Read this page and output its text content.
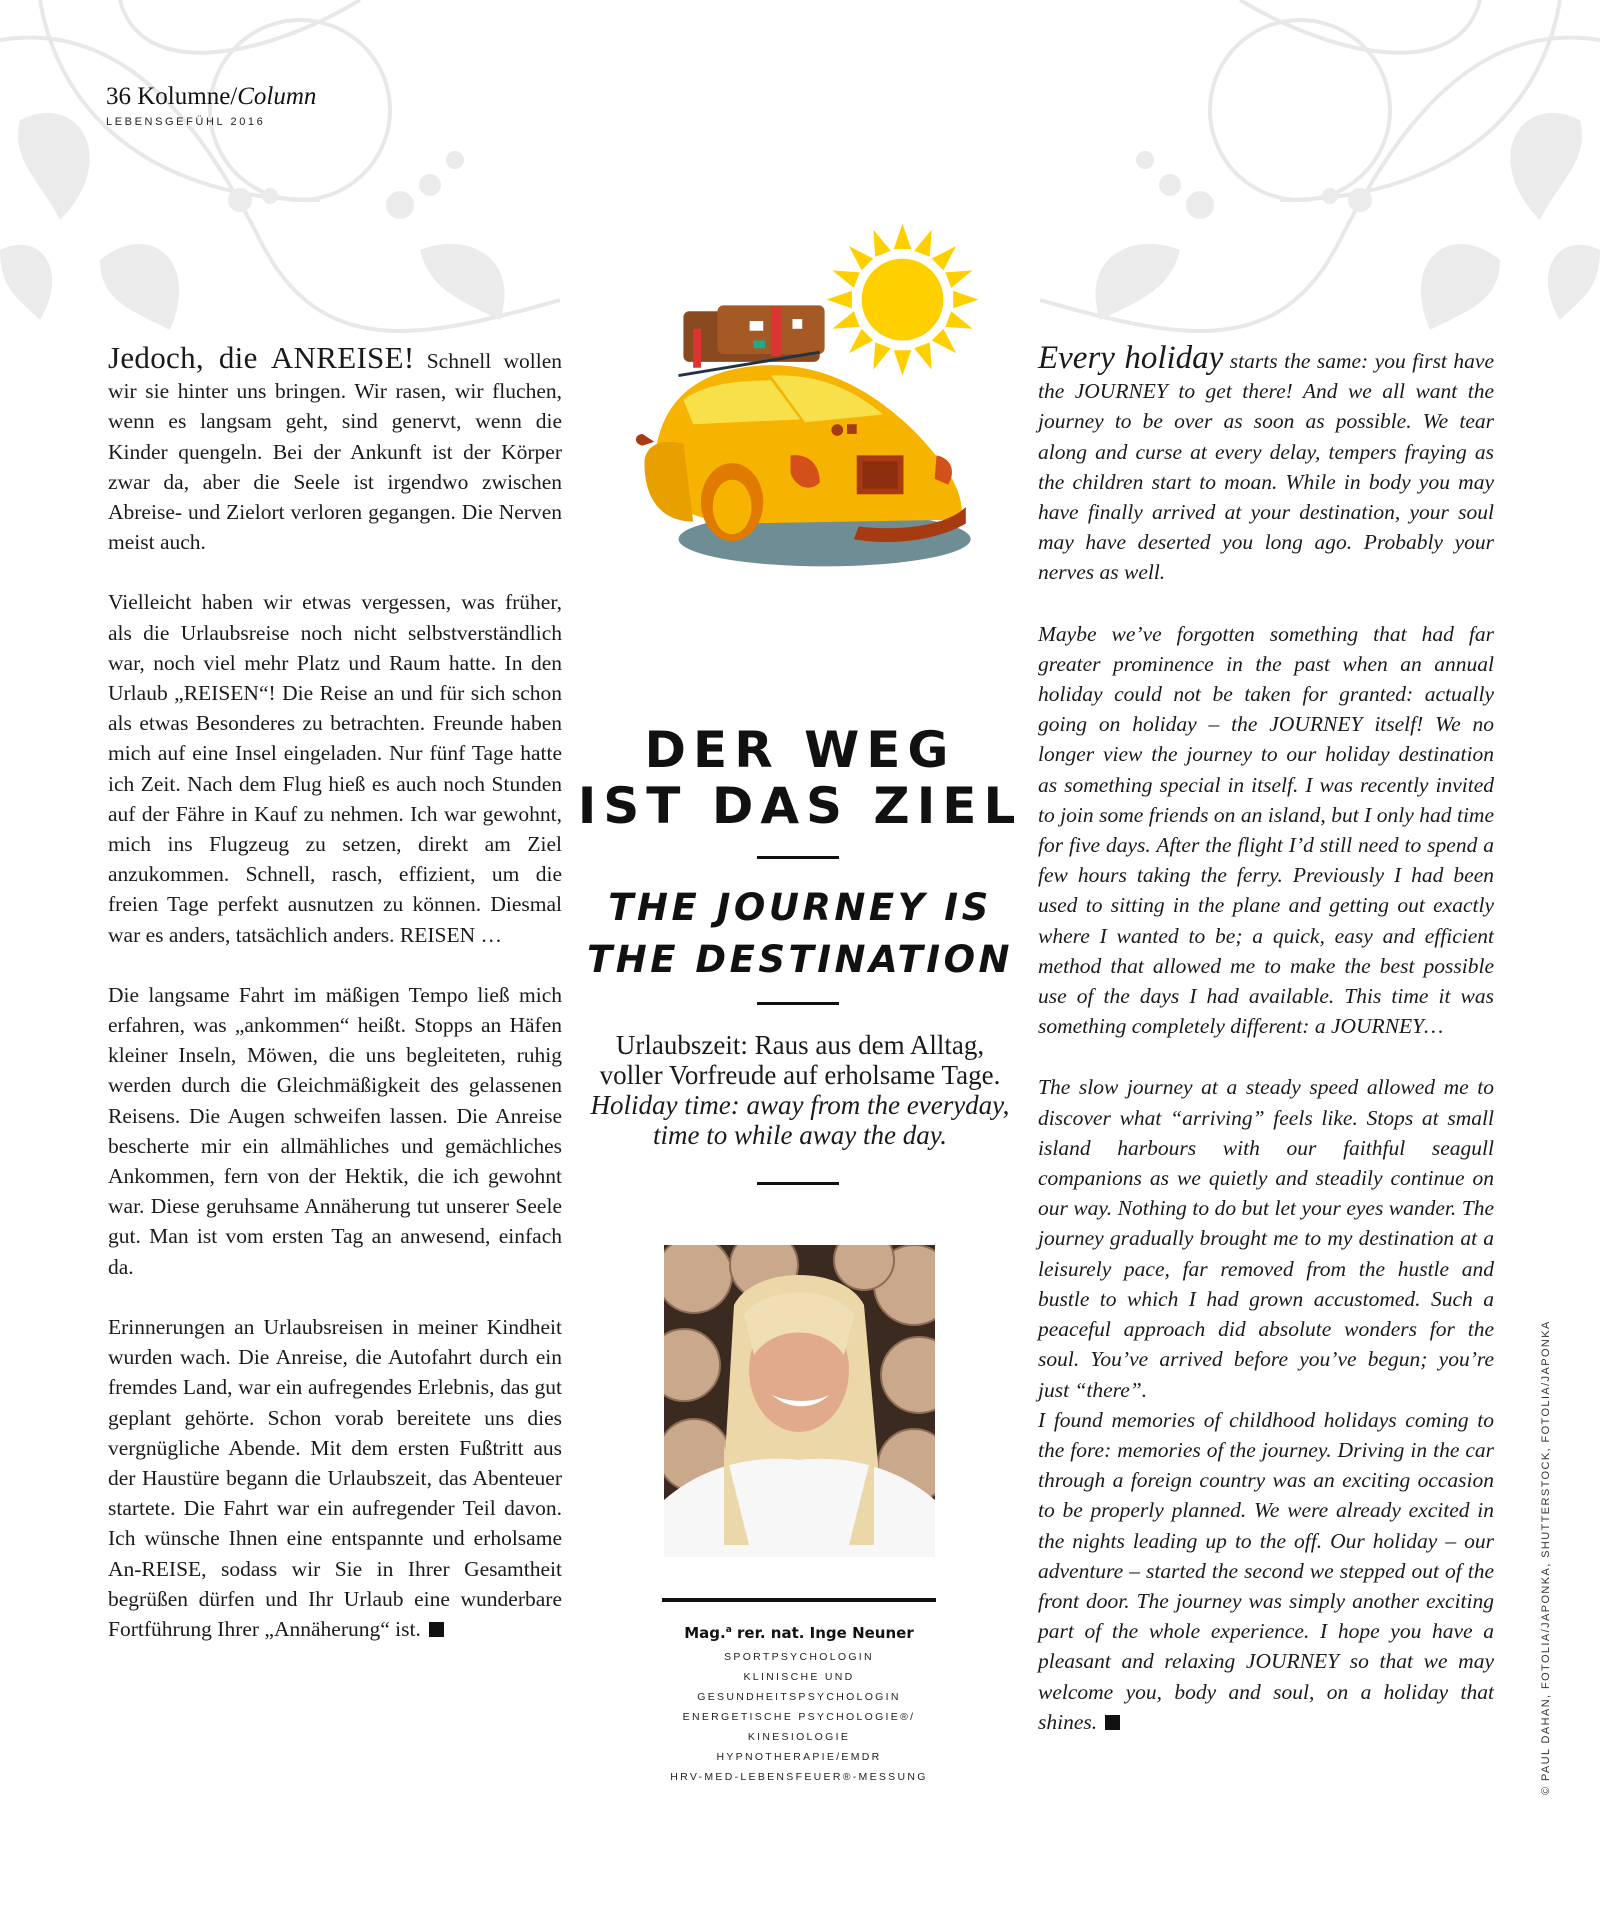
36 Kolumne/Column
LEBENSGEFÜHL 2016

Jedoch, die ANREISE! Schnell wollen wir sie hinter uns bringen. Wir rasen, wir fluchen, wenn es langsam geht, sind genervt, wenn die Kinder quengeln. Bei der Ankunft ist der Körper zwar da, aber die Seele ist irgendwo zwischen Abreise- und Zielort verloren gegangen. Die Nerven meist auch.

Vielleicht haben wir etwas vergessen, was früher, als die Urlaubsreise noch nicht selbstverständlich war, noch viel mehr Platz und Raum hatte. In den Urlaub „REISEN“! Die Reise an und für sich schon als etwas Besonderes zu betrachten. Freunde haben mich auf eine Insel eingeladen. Nur fünf Tage hatte ich Zeit. Nach dem Flug hieß es auch noch Stunden auf der Fähre in Kauf zu nehmen. Ich war gewohnt, mich ins Flugzeug zu setzen, direkt am Ziel anzukommen. Schnell, rasch, effizient, um die freien Tage perfekt ausnutzen zu können. Diesmal war es anders, tatsächlich anders. REISEN …

Die langsame Fahrt im mäßigen Tempo ließ mich erfahren, was „ankommen“ heißt. Stopps an Häfen kleiner Inseln, Möwen, die uns begleiteten, ruhig werden durch die Gleichmäßigkeit des gelassenen Reisens. Die Augen schweifen lassen. Die Anreise bescherte mir ein allmähliches und gemächliches Ankommen, fern von der Hektik, die ich gewohnt war. Diese geruhsame Annäherung tut unserer Seele gut. Man ist vom ersten Tag an anwesend, einfach da.

Erinnerungen an Urlaubsreisen in meiner Kindheit wurden wach. Die Anreise, die Autofahrt durch ein fremdes Land, war ein aufregendes Erlebnis, das gut geplant gehörte. Schon vorab bereitete uns dies vergnügliche Abende. Mit dem ersten Fußtritt aus der Haustüre begann die Urlaubszeit, das Abenteuer startete. Die Fahrt war ein aufregender Teil davon. Ich wünsche Ihnen eine entspannte und erholsame An-REISE, sodass wir Sie in Ihrer Gesamtheit begrüßen dürfen und Ihr Urlaub eine wunderbare Fortführung Ihrer „Annäherung“ ist.

DER WEG
IST DAS ZIEL
THE JOURNEY IS
THE DESTINATION
Urlaubszeit: Raus aus dem Alltag,
voller Vorfreude auf erholsame Tage.
Holiday time: away from the everyday,
time to while away the day.
Mag.$^a$ rer. nat. Inge Neuner
SPORTPSYCHOLOGIN
KLINISCHE UND
GESUNDHEITSPSYCHOLOGIN
ENERGETISCHE PSYCHOLOGIE®/
KINESIOLOGIE
HYPNOTHERAPIE/EMDR
HRV-MED-LEBENSFEUER®-MESSUNG

Every holiday starts the same: you first have the JOURNEY to get there! And we all want the journey to be over as soon as possible. We tear along and curse at every delay, tempers fraying as the children start to moan. While in body you may have finally arrived at your destination, your soul may have deserted you long ago. Probably your nerves as well.

Maybe we’ve forgotten something that had far greater prominence in the past when an annual holiday could not be taken for granted: actually going on holiday – the JOURNEY itself! We no longer view the journey to our holiday destination as something special in itself. I was recently invited to join some friends on an island, but I only had time for five days. After the flight I’d still need to spend a few hours taking the ferry. Previously I had been used to sitting in the plane and getting out exactly where I wanted to be; a quick, easy and efficient method that allowed me to make the best possible use of the days I had available. This time it was something completely different: a JOURNEY…

The slow journey at a steady speed allowed me to discover what “arriving” feels like. Stops at small island harbours with our faithful seagull companions as we quietly and steadily continue on our way. Nothing to do but let your eyes wander. The journey gradually brought me to my destination at a leisurely pace, far removed from the hustle and bustle to which I had grown accustomed. Such a peaceful approach did absolute wonders for the soul. You’ve arrived before you’ve begun; you’re just “there”.

I found memories of childhood holidays coming to the fore: memories of the journey. Driving in the car through a foreign country was an exciting occasion to be properly planned. We were already excited in the nights leading up to the off. Our holiday – our adventure – started the second we stepped out of the front door. The journey was simply another exciting part of the whole experience. I hope you have a pleasant and relaxing JOURNEY so that we may welcome you, body and soul, on a holiday that shines.	© PAUL DAHAN, FOTOLIA/JAPONKA, SHUTTERSTOCK, FOTOLIA/JAPONKA
